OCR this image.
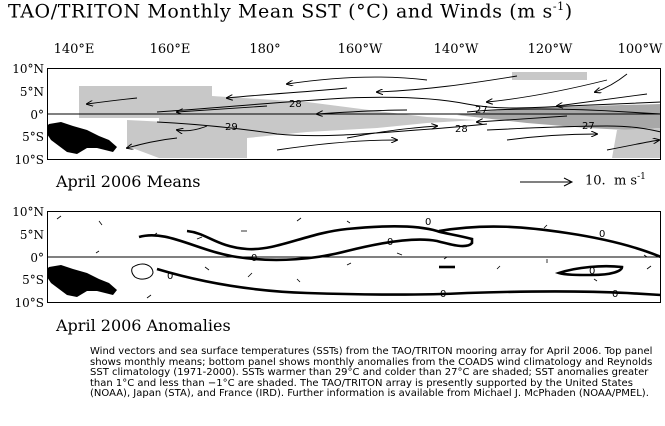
TAO/TRITON Monthly Mean SST (°C) and Winds (m $s^{-1}$)
140°E	160°E	180°	160°W	140°W	120°W	100°W
10°N
5°N
0°
5°S
10°S
10°N
5°N
0°
5°S
10°S
28
29
27
28	27
April 2006 Means	10. m $s^{-1}$
0
0
0
0
0	0
0
0
April 2006 Anomalies

Wind vectors and sea surface temperatures (SSTs) from the TAO/TRITON mooring array for April 2006. Top panel shows monthly means; bottom panel shows monthly anomalies from the COADS wind climatology and Reynolds SST climatology (1971-2000). SSTs warmer than 29°C and colder than 27°C are shaded; SST anomalies greater than 1°C and less than −1°C are shaded. The TAO/TRITON array is presently supported by the United States (NOAA), Japan (STA), and France (IRD). Further information is available from Michael J. McPhaden (NOAA/PMEL).
